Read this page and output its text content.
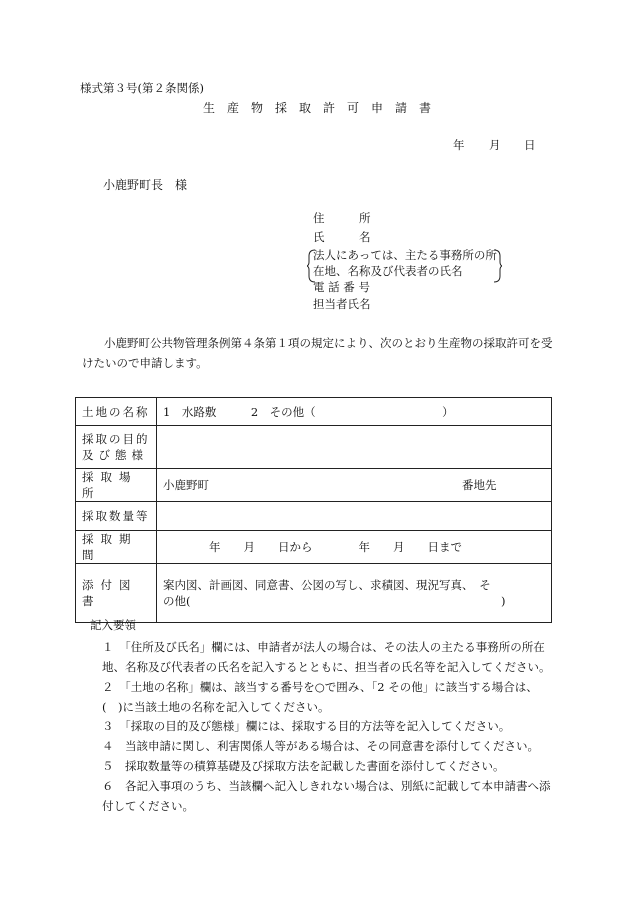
様式第３号(第２条関係)
生 産 物 採 取 許 可 申 請 書
年 月 日
小鹿野町長　様
住　　　所
氏　　　名
法人にあっては、主たる事務所の所
在地、名称及び代表者の氏名
電 話 番 号
担当者氏名
小鹿野町公共物管理条例第４条第１項の規定により、次のとおり生産物の採取許可を受けたいので申請します。
土地の名称	1　水路敷　　　2　その他（　　　　　　　　　　　）

採取の目的
及び態様	

採取場所	小鹿野町 番地先

採取数量等	
採取期間	年　　月　　日から　　　　年　　月　　日まで
添付図書	案内図、計画図、同意書、公図の写し、求積図、現況写真、　そ
の他(　　　　　　　　　　　　　　　　　　　　　　　　　　　)
記入要領
１　「住所及び氏名」欄には、申請者が法人の場合は、その法人の主たる事務所の所在地、名称及び代表者の氏名を記入するとともに、担当者の氏名等を記入してください。
２　「土地の名称」欄は、該当する番号を○で囲み、「2 その他」に該当する場合は、(　)に当該土地の名称を記入してください。
３　「採取の目的及び態様」欄には、採取する目的方法等を記入してください。
４　当該申請に関し、利害関係人等がある場合は、その同意書を添付してください。
５　採取数量等の積算基礎及び採取方法を記載した書面を添付してください。
６　各記入事項のうち、当該欄へ記入しきれない場合は、別紙に記載して本申請書へ添付してください。
